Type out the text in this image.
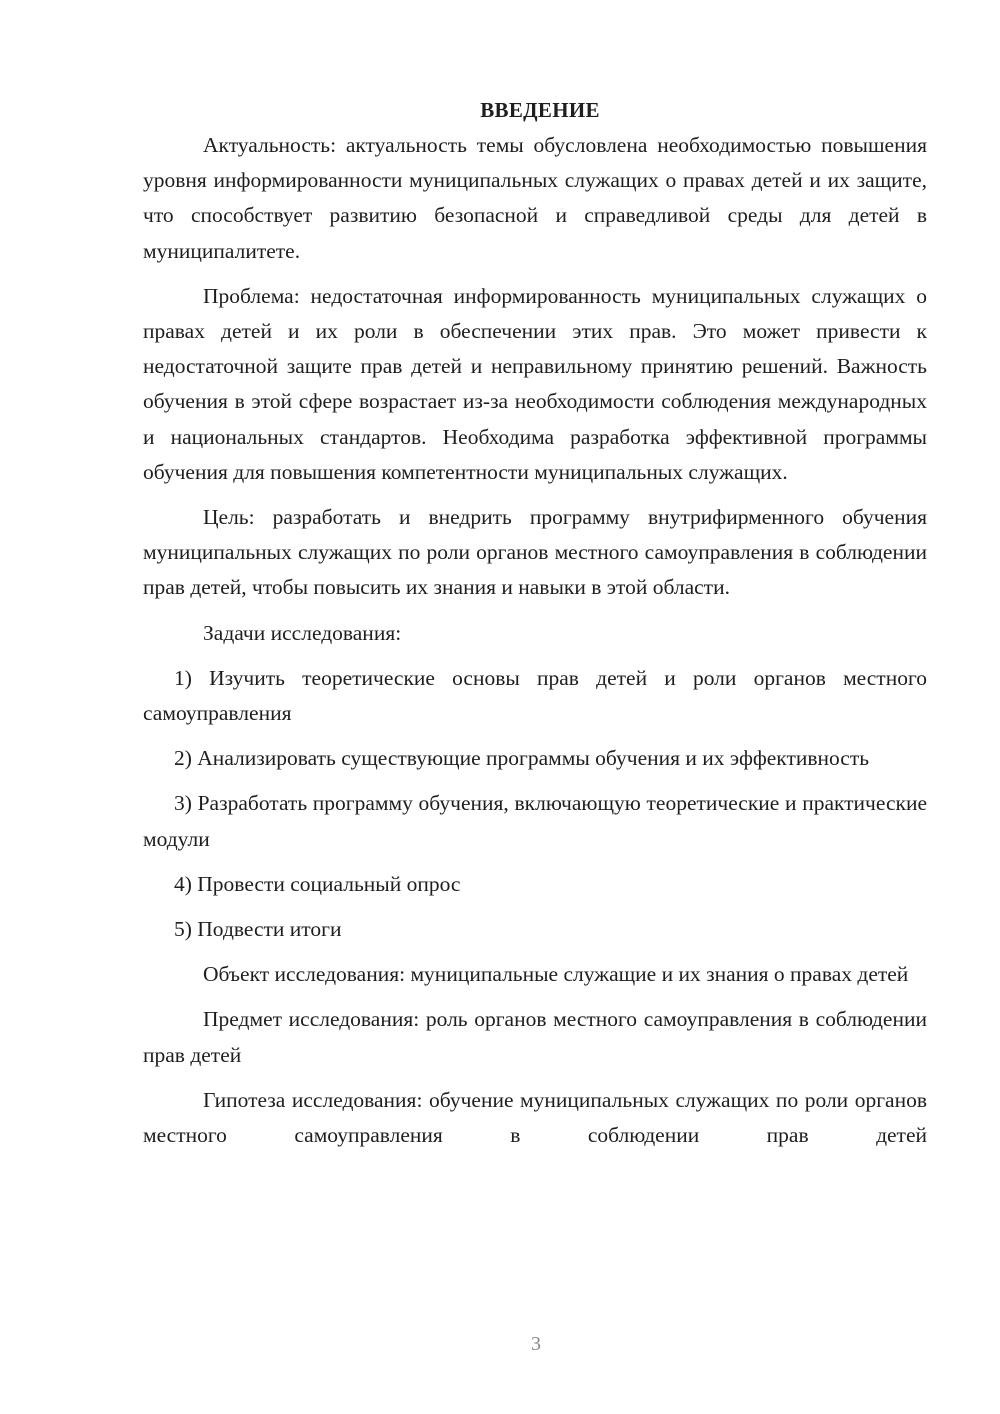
ВВЕДЕНИЕ

Актуальность: актуальность темы обусловлена необходимостью повышения уровня информированности муниципальных служащих о правах детей и их защите, что способствует развитию безопасной и справедливой среды для детей в муниципалитете.

Проблема: недостаточная информированность муниципальных служащих о правах детей и их роли в обеспечении этих прав. Это может привести к недостаточной защите прав детей и неправильному принятию решений. Важность обучения в этой сфере возрастает из-за необходимости соблюдения международных и национальных стандартов. Необходима разработка эффективной программы обучения для повышения компетентности муниципальных служащих.

Цель: разработать и внедрить программу внутрифирменного обучения муниципальных служащих по роли органов местного самоуправления в соблюдении прав детей, чтобы повысить их знания и навыки в этой области.

Задачи исследования:

1) Изучить теоретические основы прав детей и роли органов местного самоуправления

2) Анализировать существующие программы обучения и их эффективность

3) Разработать программу обучения, включающую теоретические и практические модули

4) Провести социальный опрос

5) Подвести итоги

Объект исследования: муниципальные служащие и их знания о правах детей

Предмет исследования: роль органов местного самоуправления в соблюдении прав детей

Гипотеза исследования: обучение муниципальных служащих по роли органов местного самоуправления в соблюдении прав детей

3
